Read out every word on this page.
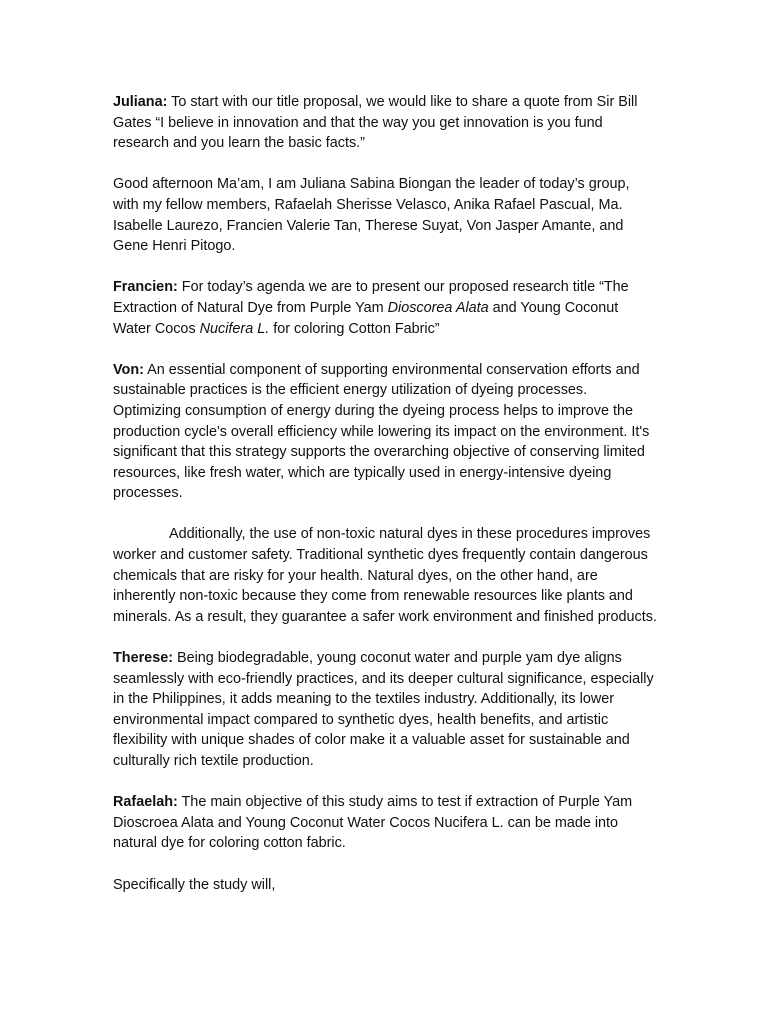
Juliana: To start with our title proposal, we would like to share a quote from Sir Bill Gates “I believe in innovation and that the way you get innovation is you fund research and you learn the basic facts.”

Good afternoon Ma’am, I am Juliana Sabina Biongan the leader of today’s group, with my fellow members, Rafaelah Sherisse Velasco, Anika Rafael Pascual, Ma. Isabelle Laurezo, Francien Valerie Tan, Therese Suyat, Von Jasper Amante, and Gene Henri Pitogo.

Francien: For today’s agenda we are to present our proposed research title “The Extraction of Natural Dye from Purple Yam Dioscorea Alata and Young Coconut Water Cocos Nucifera L. for coloring Cotton Fabric”

Von: An essential component of supporting environmental conservation efforts and sustainable practices is the efficient energy utilization of dyeing processes. Optimizing consumption of energy during the dyeing process helps to improve the production cycle's overall efficiency while lowering its impact on the environment. It's significant that this strategy supports the overarching objective of conserving limited resources, like fresh water, which are typically used in energy-intensive dyeing processes.

Additionally, the use of non-toxic natural dyes in these procedures improves worker and customer safety. Traditional synthetic dyes frequently contain dangerous chemicals that are risky for your health. Natural dyes, on the other hand, are inherently non-toxic because they come from renewable resources like plants and minerals. As a result, they guarantee a safer work environment and finished products.

Therese: Being biodegradable, young coconut water and purple yam dye aligns seamlessly with eco-friendly practices, and its deeper cultural significance, especially in the Philippines, it adds meaning to the textiles industry. Additionally, its lower environmental impact compared to synthetic dyes, health benefits, and artistic flexibility with unique shades of color make it a valuable asset for sustainable and culturally rich textile production.

Rafaelah: The main objective of this study aims to test if extraction of Purple Yam Dioscroea Alata and Young Coconut Water Cocos Nucifera L. can be made into natural dye for coloring cotton fabric.

Specifically the study will,
